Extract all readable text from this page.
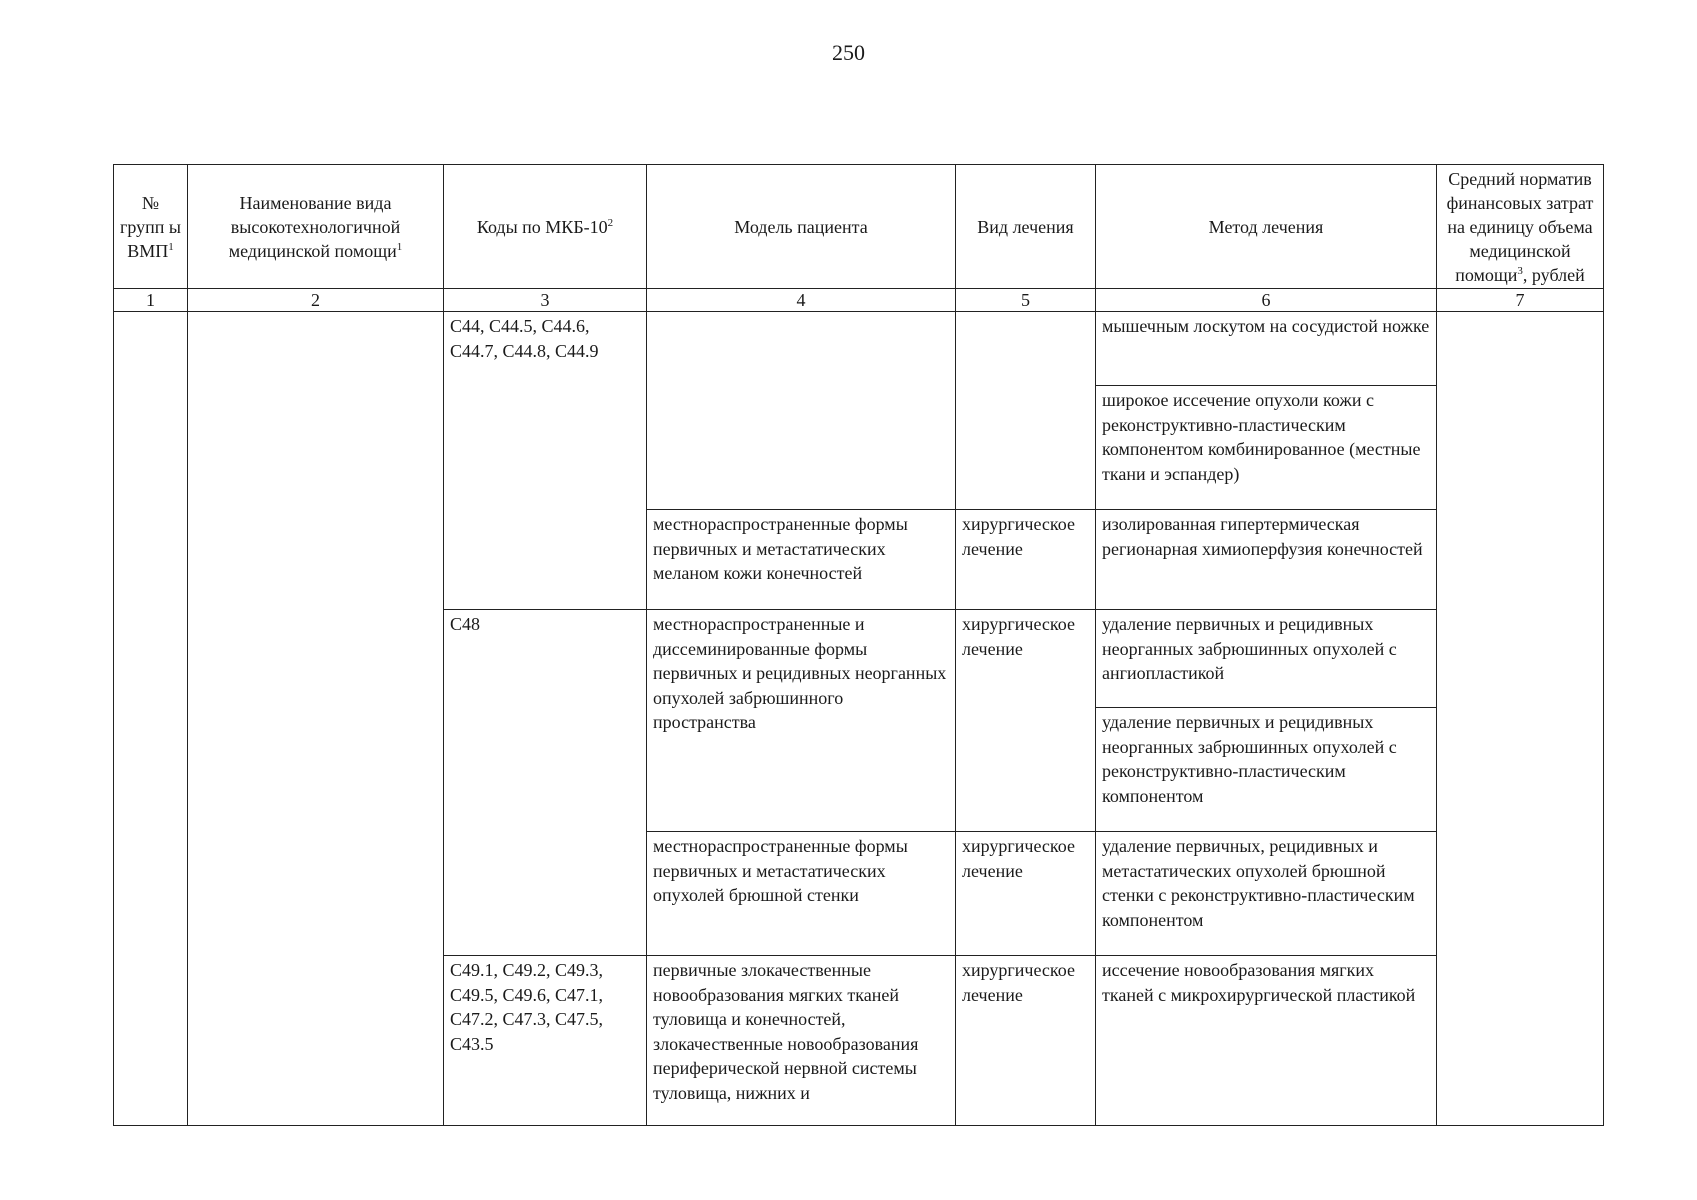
250
№ групп ы ВМП$^1$	Наименование вида высокотехнологичной медицинской помощи$^1$	Коды по МКБ-$10^2$	Модель пациента	Вид лечения	Метод лечения	Средний норматив финансовых затрат на единицу объема медицинской помощи$^3$, рублей
1	2	3	4	5	6	7
		С44, С44.5, С44.6, С44.7, С44.8, С44.9			мышечным лоскутом на сосудистой ножке	
					широкое иссечение опухоли кожи с реконструктивно-пластическим компонентом комбинированное (местные ткани и эспандер)	
			местнораспространенные формы первичных и метастатических меланом кожи конечностей	хирургическое лечение	изолированная гипертермическая регионарная химиоперфузия конечностей	
		С48	местнораспространенные и диссеминированные формы первичных и рецидивных неорганных опухолей забрюшинного пространства	хирургическое лечение	удаление первичных и рецидивных неорганных забрюшинных опухолей с ангиопластикой	
					удаление первичных и рецидивных неорганных забрюшинных опухолей с реконструктивно-пластическим компонентом	
			местнораспространенные формы первичных и метастатических опухолей брюшной стенки	хирургическое лечение	удаление первичных, рецидивных и метастатических опухолей брюшной стенки с реконструктивно-пластическим компонентом	

		С49.1, С49.2, С49.3, С49.5, С49.6, С47.1, С47.2, С47.3, С47.5, С43.5	первичные злокачественные новообразования мягких тканей туловища и конечностей, злокачественные новообразования периферической нервной системы туловища, нижних и	хирургическое лечение	иссечение новообразования мягких тканей с микрохирургической пластикой	
